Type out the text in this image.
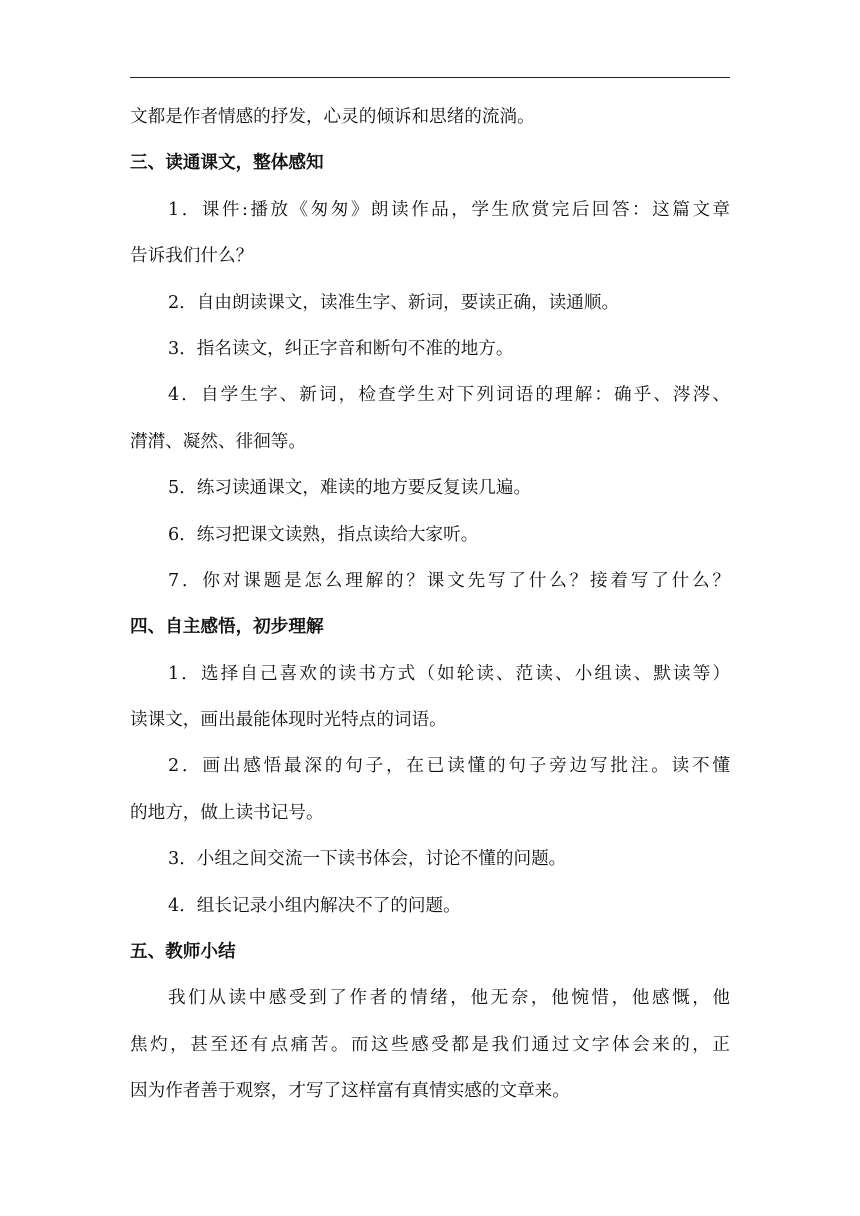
文都是作者情感的抒发，心灵的倾诉和思绪的流淌。
三、读通课文，整体感知
1．课件:播放《匆匆》朗读作品，学生欣赏完后回答：这篇文章
告诉我们什么？
2．自由朗读课文，读准生字、新词，要读正确，读通顺。
3．指名读文，纠正字音和断句不准的地方。
4．自学生字、新词，检查学生对下列词语的理解：确乎、涔涔、
潸潸、凝然、徘徊等。
5．练习读通课文，难读的地方要反复读几遍。
6．练习把课文读熟，指点读给大家听。
7．你对课题是怎么理解的？课文先写了什么？接着写了什么？
四、自主感悟，初步理解
1．选择自己喜欢的读书方式（如轮读、范读、小组读、默读等）
读课文，画出最能体现时光特点的词语。
2．画出感悟最深的句子，在已读懂的句子旁边写批注。读不懂
的地方，做上读书记号。
3．小组之间交流一下读书体会，讨论不懂的问题。
4．组长记录小组内解决不了的问题。
五、教师小结
我们从读中感受到了作者的情绪，他无奈，他惋惜，他感慨，他
焦灼，甚至还有点痛苦。而这些感受都是我们通过文字体会来的，正
因为作者善于观察，才写了这样富有真情实感的文章来。
